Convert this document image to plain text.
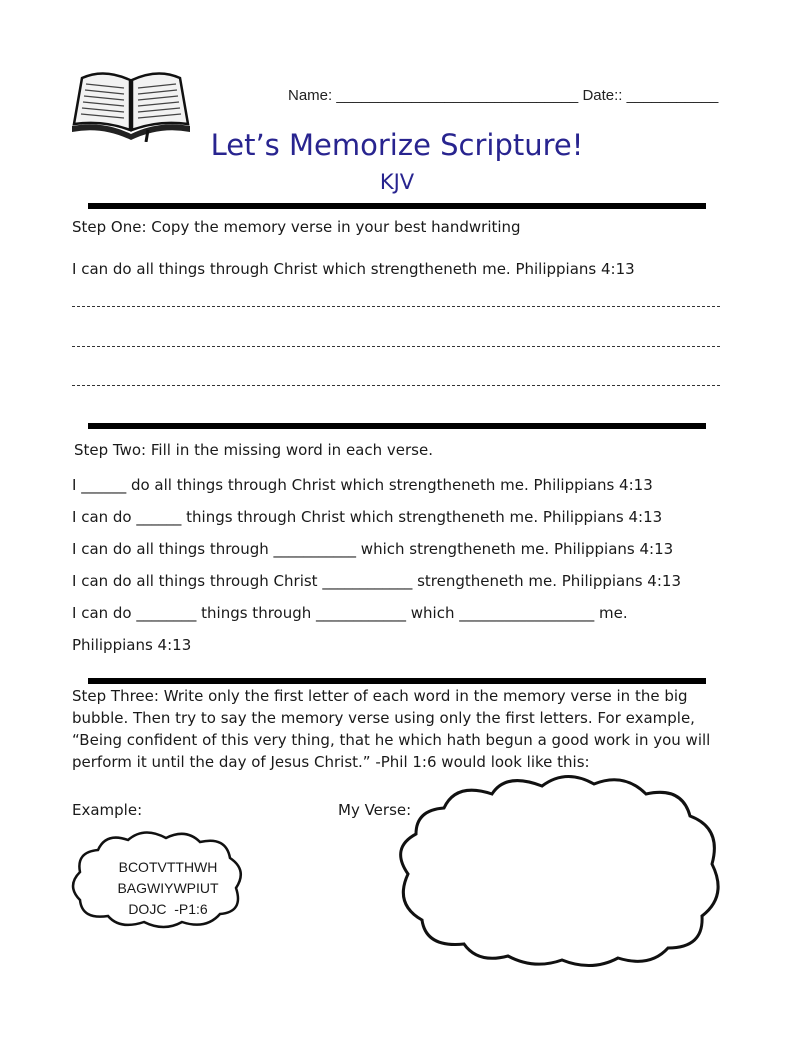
Name: _____________________________ Date:: ___________
Let’s Memorize Scripture!
KJV
Step One: Copy the memory verse in your best handwriting
I can do all things through Christ which strengtheneth me. Philippians 4:13
Step Two: Fill in the missing word in each verse.
I ______ do all things through Christ which strengtheneth me. Philippians 4:13
I can do ______ things through Christ which strengtheneth me. Philippians 4:13
I can do all things through ___________ which strengtheneth me. Philippians 4:13
I can do all things through Christ ____________ strengtheneth me. Philippians 4:13
I can do ________ things through ____________ which __________________ me.
Philippians 4:13
Step Three: Write only the first letter of each word in the memory verse in the big bubble. Then try to say the memory verse using only the first letters. For example, “Being confident of this very thing, that he which hath begun a good work in you will perform it until the day of Jesus Christ.” -Phil 1:6 would look like this:
Example:	My Verse:
BCOTVTTHWH
BAGWIYWPIUT
DOJC  -P1:6
